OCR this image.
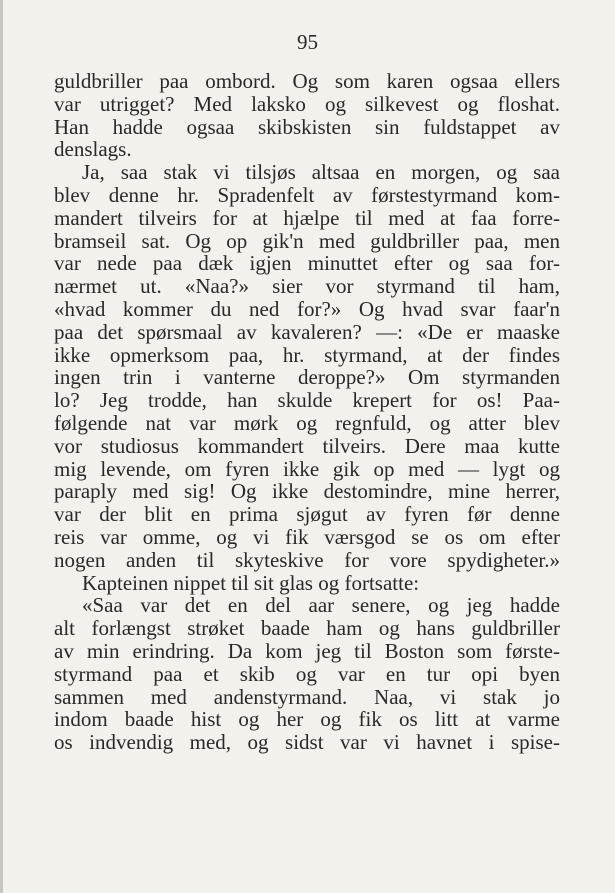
95
guldbriller paa ombord. Og som karen ogsaa ellers
var utrigget? Med laksko og silkevest og floshat.
Han hadde ogsaa skibskisten sin fuldstappet av
denslags.
Ja, saa stak vi tilsjøs altsaa en morgen, og saa
blev denne hr. Spradenfelt av førstestyrmand kom-
mandert tilveirs for at hjælpe til med at faa forre-
bramseil sat. Og op gik'n med guldbriller paa, men
var nede paa dæk igjen minuttet efter og saa for-
nærmet ut. «Naa?» sier vor styrmand til ham,
«hvad kommer du ned for?» Og hvad svar faar'n
paa det spørsmaal av kavaleren? —: «De er maaske
ikke opmerksom paa, hr. styrmand, at der findes
ingen trin i vanterne deroppe?» Om styrmanden
lo? Jeg trodde, han skulde krepert for os! Paa-
følgende nat var mørk og regnfuld, og atter blev
vor studiosus kommandert tilveirs. Dere maa kutte
mig levende, om fyren ikke gik op med — lygt og
paraply med sig! Og ikke destomindre, mine herrer,
var der blit en prima sjøgut av fyren før denne
reis var omme, og vi fik værsgod se os om efter
nogen anden til skyteskive for vore spydigheter.»
Kapteinen nippet til sit glas og fortsatte:
«Saa var det en del aar senere, og jeg hadde
alt forlængst strøket baade ham og hans guldbriller
av min erindring. Da kom jeg til Boston som første-
styrmand paa et skib og var en tur opi byen
sammen med andenstyrmand. Naa, vi stak jo
indom baade hist og her og fik os litt at varme
os indvendig med, og sidst var vi havnet i spise-
